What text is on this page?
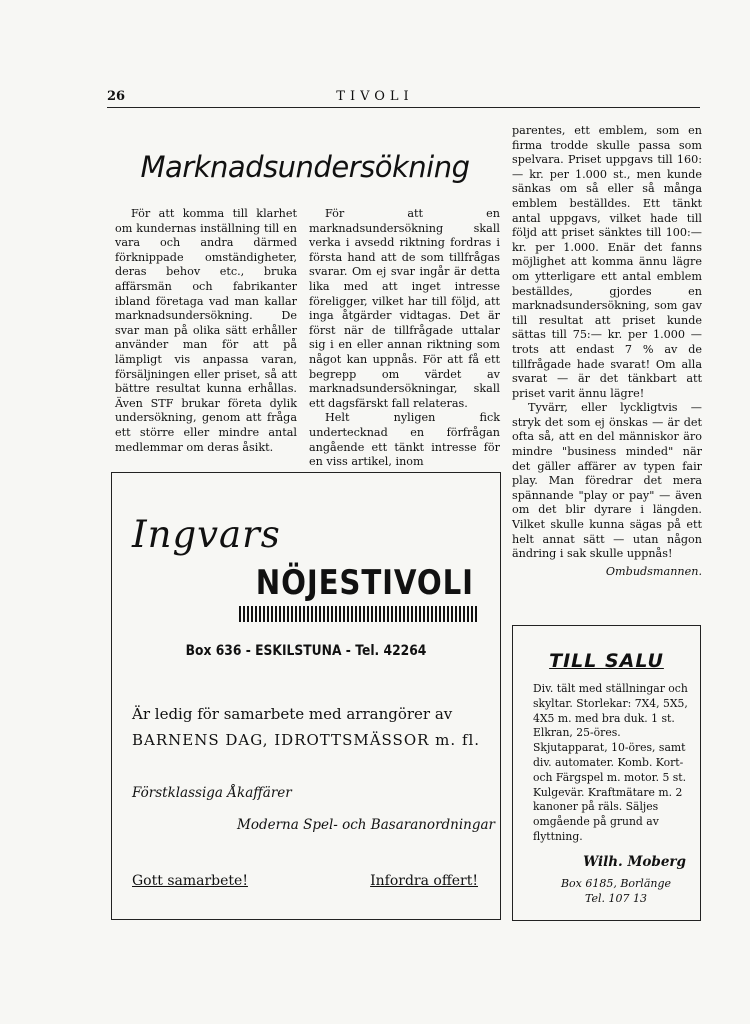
26	TIVOLI
Marknadsundersökning

För att komma till klarhet om kundernas inställning till en vara och andra därmed förknippade omständigheter, deras behov etc., bruka affärsmän och fabrikanter ibland företaga vad man kallar marknadsundersökning. De svar man på olika sätt erhåller använder man för att på lämpligt vis anpassa varan, försäljningen eller priset, så att bättre resultat kunna erhållas. Även STF brukar företa dylik undersökning, genom att fråga ett större eller mindre antal medlemmar om deras åsikt.

För att en marknadsundersökning skall verka i avsedd riktning fordras i första hand att de som tillfrågas svarar. Om ej svar ingår är detta lika med att inget intresse föreligger, vilket har till följd, att inga åtgärder vidtagas. Det är först när de tillfrågade uttalar sig i en eller annan riktning som något kan uppnås. För att få ett begrepp om värdet av marknadsundersökningar, skall ett dagsfärskt fall relateras.

Helt nyligen fick undertecknad en förfrågan angående ett tänkt intresse för en viss artikel, inom

parentes, ett emblem, som en firma trodde skulle passa som spelvara. Priset uppgavs till 160:— kr. per 1.000 st., men kunde sänkas om så eller så många emblem beställdes. Ett tänkt antal uppgavs, vilket hade till följd att priset sänktes till 100:— kr. per 1.000. Enär det fanns möjlighet att komma ännu lägre om ytterligare ett antal emblem beställdes, gjordes en marknadsundersökning, som gav till resultat att priset kunde sättas till 75:— kr. per 1.000 — trots att endast 7 % av de tillfrågade hade svarat! Om alla svarat — är det tänkbart att priset varit ännu lägre!

Tyvärr, eller lyckligtvis — stryk det som ej önskas — är det ofta så, att en del människor äro mindre "business minded" när det gäller affärer av typen fair play. Man föredrar det mera spännande "play or pay" — även om det blir dyrare i längden. Vilket skulle kunna sägas på ett helt annat sätt — utan någon ändring i sak skulle uppnås!

Ombudsmannen.
Ingvars
NÖJESTIVOLI
Box 636 - ESKILSTUNA - Tel. 42264
Är ledig för samarbete med arrangörer av
BARNENS DAG, IDROTTSMÄSSOR m. fl.
Förstklassiga Åkaffärer
Moderna Spel- och Basaranordningar
Gott samarbete!	Infordra offert!
TILL SALU
Div. tält med ställningar och skyltar. Storlekar: 7X4, 5X5, 4X5 m. med bra duk. 1 st. Elkran, 25-öres. Skjutapparat, 10-öres, samt div. automater. Komb. Kort- och Färgspel m. motor. 5 st. Kulgevär. Kraftmätare m. 2 kanoner på räls. Säljes omgående på grund av flyttning.
Wilh. Moberg
Box 6185, Borlänge
Tel. 107 13
